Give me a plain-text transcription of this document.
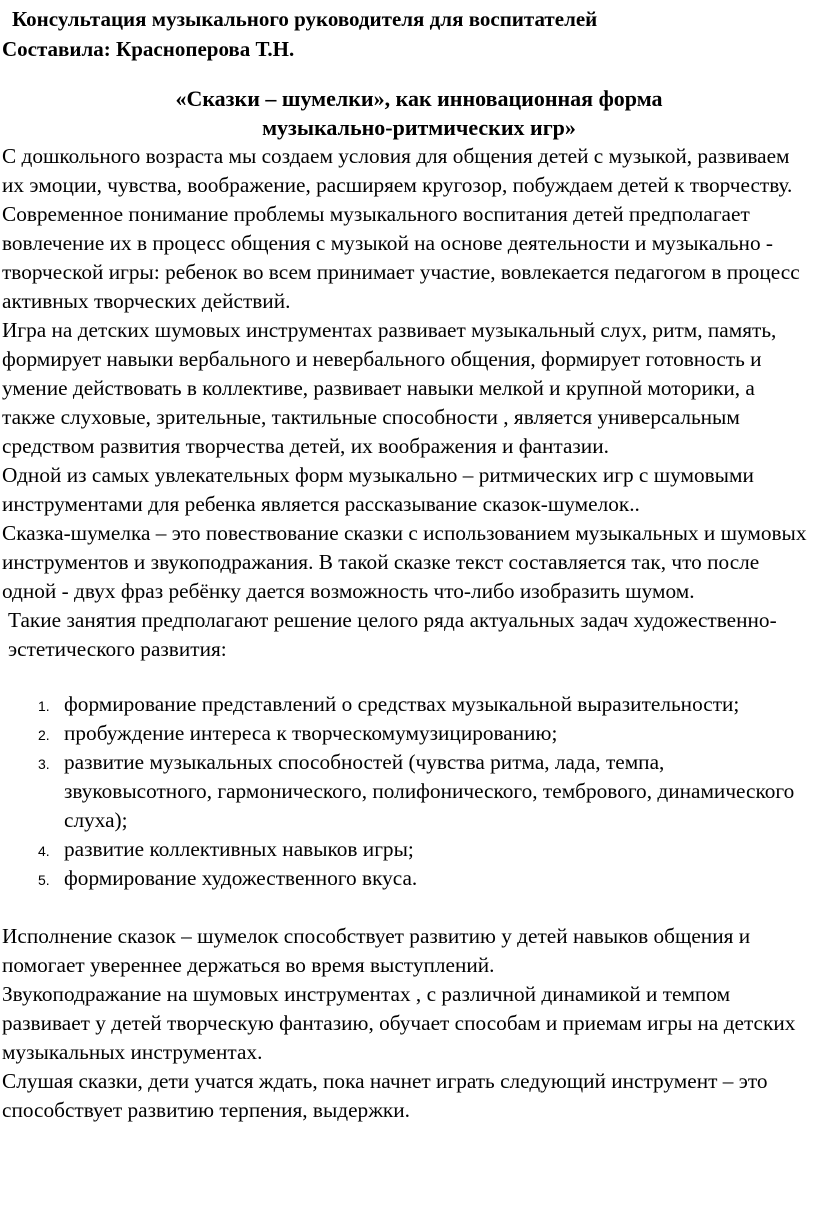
Консультация музыкального руководителя для воспитателей
Составила: Красноперова Т.Н.
«Сказки – шумелки», как инновационная форма
музыкально-ритмических игр»

С дошкольного возраста мы создаем условия для общения детей с музыкой, развиваем их эмоции, чувства, воображение, расширяем кругозор, побуждаем детей к творчеству.

Современное понимание проблемы музыкального воспитания детей предполагает вовлечение их в процесс общения с музыкой на основе деятельности и музыкально - творческой игры: ребенок во всем принимает участие, вовлекается педагогом в процесс активных творческих действий.

Игра на детских шумовых инструментах развивает музыкальный слух, ритм, память, формирует навыки вербального и невербального общения, формирует готовность и умение действовать в коллективе, развивает навыки мелкой и крупной моторики, а также слуховые, зрительные, тактильные способности , является универсальным средством развития творчества детей, их воображения и фантазии.

Одной из самых увлекательных форм музыкально – ритмических игр с шумовыми инструментами для ребенка является рассказывание сказок-шумелок..

Сказка-шумелка – это повествование сказки с использованием музыкальных и шумовых инструментов и звукоподражания. В такой сказке текст составляется так, что после одной - двух фраз ребёнку дается возможность что-либо изобразить шумом.

Такие занятия предполагают решение целого ряда актуальных задач художественно-эстетического развития:

1. формирование представлений о средствах музыкальной выразительности;
2. пробуждение интереса к творческомумузицированию;
3. развитие музыкальных способностей (чувства ритма, лада, темпа, звуковысотного, гармонического, полифонического, тембрового, динамического слуха);
4. развитие коллективных навыков игры;
5. формирование художественного вкуса.

Исполнение сказок – шумелок способствует развитию у детей навыков общения и помогает увереннее держаться во время выступлений.

Звукоподражание на шумовых инструментах , с различной динамикой и темпом развивает у детей творческую фантазию, обучает способам и приемам игры на детских музыкальных инструментах.

Слушая сказки, дети учатся ждать, пока начнет играть следующий инструмент – это способствует развитию терпения, выдержки.
